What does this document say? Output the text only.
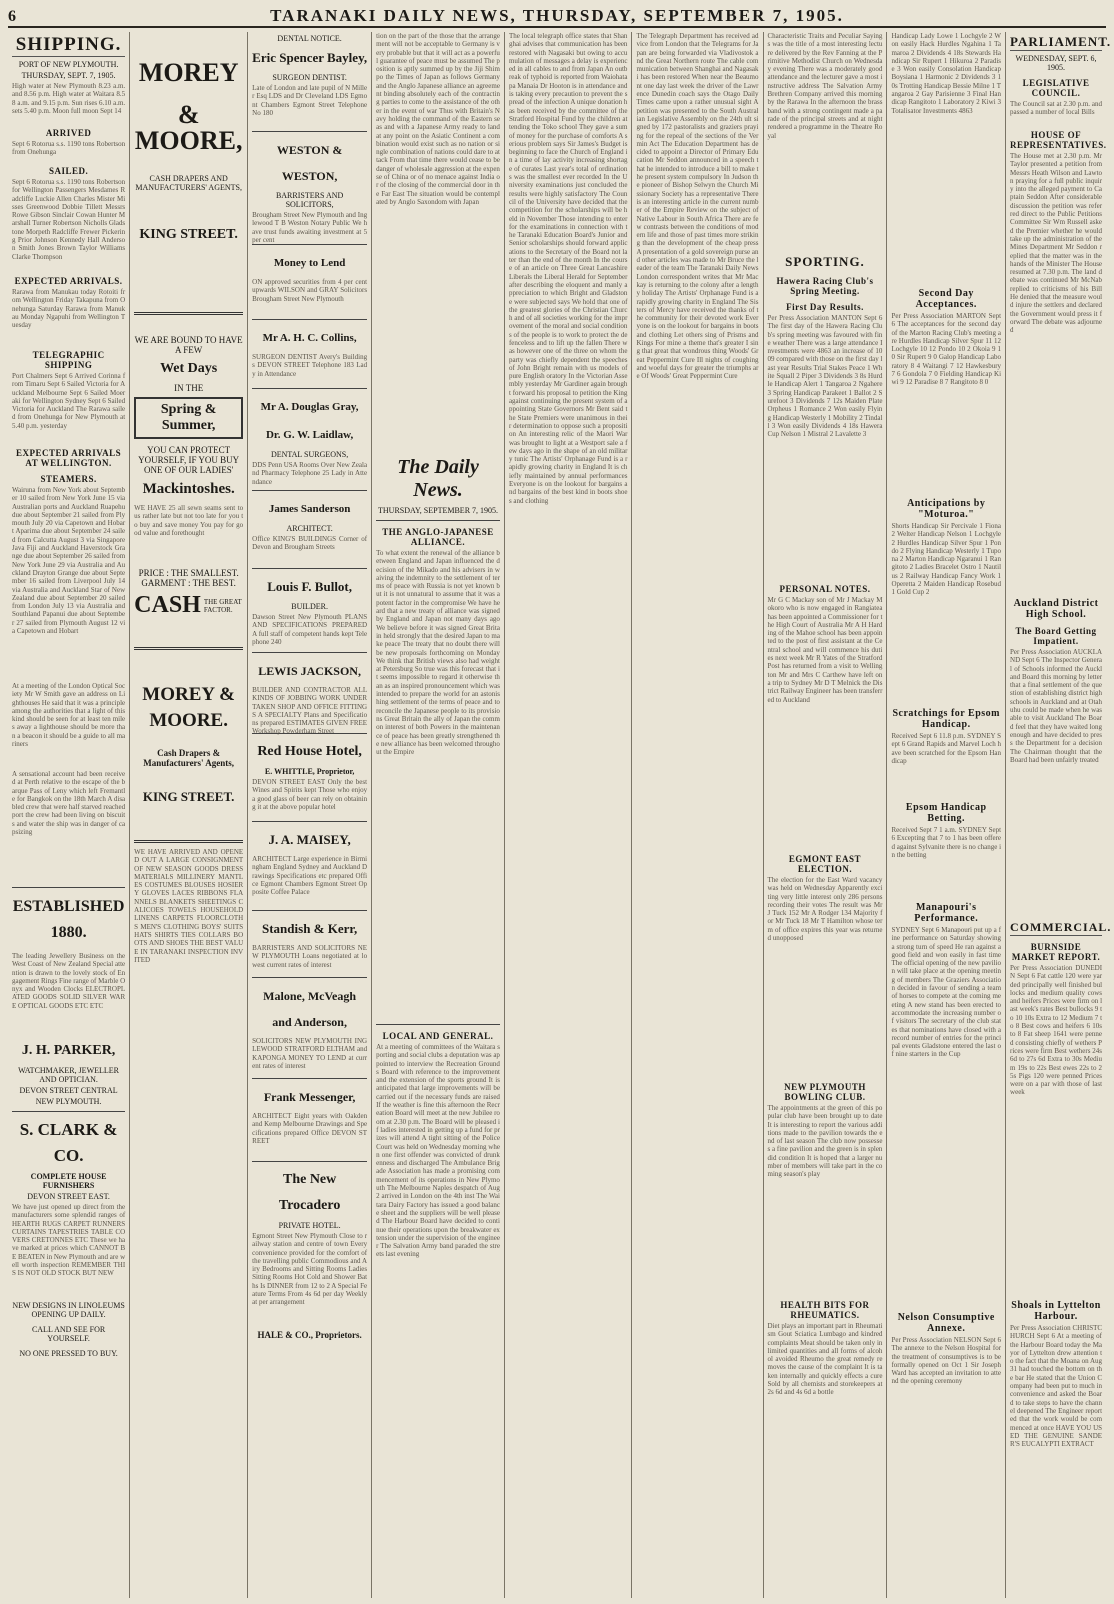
6	TARANAKI DAILY NEWS, THURSDAY, SEPTEMBER 7, 1905.
SHIPPING.
PORT OF NEW PLYMOUTH.
THURSDAY, SEPT. 7, 1905.
High water at New Plymouth 8.23 a.m. and 8.56 p.m. High water at Waitara 8.58 a.m. and 9.15 p.m. Sun rises 6.10 a.m. sets 5.40 p.m. Moon full moon Sept 14
ARRIVED
Sept 6 Rotorua s.s. 1190 tons Robertson from Onehunga
SAILED.
Sept 6 Rotorua s.s. 1190 tons Robertson for Wellington Passengers Mesdames Radcliffe Luckie Allen Charles Mister Misses Greenwood Dobbie Tillett Messrs Rowe Gibson Sinclair Cowan Hunter Marshall Turner Robertson Nicholls Gladstone Morpeth Radcliffe Frewer Pickering Prior Johnson Kennedy Hall Anderson Smith Jones Brown Taylor Williams Clarke Thompson
EXPECTED ARRIVALS.
Rarawa from Manukau today Rotoiti from Wellington Friday Takapuna from Onehunga Saturday Rarawa from Manukau Monday Ngapuhi from Wellington Tuesday
TELEGRAPHIC SHIPPING
Port Chalmers Sept 6 Arrived Corinna from Timaru Sept 6 Sailed Victoria for Auckland Melbourne Sept 6 Sailed Moeraki for Wellington Sydney Sept 6 Sailed Victoria for Auckland The Rarawa sailed from Onehunga for New Plymouth at 5.40 p.m. yesterday
EXPECTED ARRIVALS AT WELLINGTON.
STEAMERS.
Wairuna from New York about September 10 sailed from New York June 15 via Australian ports and Auckland Ruapehu due about September 21 sailed from Plymouth July 20 via Capetown and Hobart Aparima due about September 24 sailed from Calcutta August 3 via Singapore Java Fiji and Auckland Haverstock Grange due about September 26 sailed from New York June 29 via Australia and Auckland Drayton Grange due about September 16 sailed from Liverpool July 14 via Australia and Auckland Star of New Zealand due about September 20 sailed from London July 13 via Australia and Southland Papanui due about September 27 sailed from Plymouth August 12 via Capetown and Hobart
At a meeting of the London Optical Society Mr W Smith gave an address on Lighthouses He said that it was a principle among the authorities that a light of this kind should be seen for at least ten miles away a lighthouse should be more than a beacon it should be a guide to all mariners
A sensational account had been received at Perth relative to the escape of the barque Pass of Leny which left Fremantle for Bangkok on the 18th March A disabled crew that were half starved reached port the crew had been living on biscuits and water the ship was in danger of capsizing
ESTABLISHED 1880.
The leading Jewellery Business on the West Coast of New Zealand Special attention is drawn to the lovely stock of Engagement Rings Fine range of Marble Onyx and Wooden Clocks ELECTROPLATED GOODS SOLID SILVER WARE OPTICAL GOODS ETC ETC
J. H. PARKER,
WATCHMAKER, JEWELLER AND OPTICIAN.
DEVON STREET CENTRAL
NEW PLYMOUTH.
S. CLARK & CO.
COMPLETE HOUSE FURNISHERS
DEVON STREET EAST.
We have just opened up direct from the manufacturers some splendid ranges of HEARTH RUGS CARPET RUNNERS CURTAINS TAPESTRIES TABLE COVERS CRETONNES ETC These we have marked at prices which CANNOT BE BEATEN in New Plymouth and are well worth inspection REMEMBER THIS IS NOT OLD STOCK BUT NEW
NEW DESIGNS IN LINOLEUMS OPENING UP DAILY.
CALL AND SEE FOR YOURSELF.
NO ONE PRESSED TO BUY.
MOREY
& MOORE,
CASH DRAPERS AND MANUFACTURERS' AGENTS,
KING STREET.
WE ARE BOUND TO HAVE A FEW
Wet Days
IN THE
Spring & Summer,
YOU CAN PROTECT YOURSELF, IF YOU BUY ONE OF OUR LADIES'
Mackintoshes.
WE HAVE 25 all sewn seams sent to us rather late but not too late for you to buy and save money You pay for good value and forethought
PRICE : THE SMALLEST.
GARMENT : THE BEST.
CASH THE GREAT FACTOR.
MOREY & MOORE.
Cash Drapers & Manufacturers' Agents,
KING STREET.
WE HAVE ARRIVED AND OPENED OUT A LARGE CONSIGNMENT OF NEW SEASON GOODS DRESS MATERIALS MILLINERY MANTLES COSTUMES BLOUSES HOSIERY GLOVES LACES RIBBONS FLANNELS BLANKETS SHEETINGS CALICOES TOWELS HOUSEHOLD LINENS CARPETS FLOORCLOTHS MEN'S CLOTHING BOYS' SUITS HATS SHIRTS TIES COLLARS BOOTS AND SHOES THE BEST VALUE IN TARANAKI INSPECTION INVITED
DENTAL NOTICE.
Eric Spencer Bayley,
SURGEON DENTIST.
Late of London and late pupil of N Miller Esq LDS and Dr Cleveland LDS Egmont Chambers Egmont Street Telephone No 180
WESTON & WESTON,
BARRISTERS AND SOLICITORS,
Brougham Street New Plymouth and Inglewood T B Weston Notary Public We have trust funds awaiting investment at 5 per cent
Money to Lend
ON approved securities from 4 per cent upwards WILSON and GRAY Solicitors Brougham Street New Plymouth
Mr A. H. C. Collins,
SURGEON DENTIST Avery's Buildings DEVON STREET Telephone 183 Lady in Attendance
Mr A. Douglas Gray,
Dr. G. W. Laidlaw,
DENTAL SURGEONS,
DDS Penn USA Rooms Over New Zealand Pharmacy Telephone 25 Lady in Attendance
James Sanderson
ARCHITECT.
Office KING'S BUILDINGS Corner of Devon and Brougham Streets
Louis F. Bullot,
BUILDER.
Dawson Street New Plymouth PLANS AND SPECIFICATIONS PREPARED A full staff of competent hands kept Telephone 240
LEWIS JACKSON,
BUILDER AND CONTRACTOR ALL KINDS OF JOBBING WORK UNDERTAKEN SHOP AND OFFICE FITTINGS A SPECIALTY Plans and Specifications prepared ESTIMATES GIVEN FREE Workshop Powderham Street
Red House Hotel,
E. WHITTLE, Proprietor,
DEVON STREET EAST Only the best Wines and Spirits kept Those who enjoy a good glass of beer can rely on obtaining it at the above popular hotel
J. A. MAISEY,
ARCHITECT Large experience in Birmingham England Sydney and Auckland Drawings Specifications etc prepared Office Egmont Chambers Egmont Street Opposite Coffee Palace
Standish & Kerr,
BARRISTERS AND SOLICITORS NEW PLYMOUTH Loans negotiated at lowest current rates of interest
Malone, McVeagh and Anderson,
SOLICITORS NEW PLYMOUTH INGLEWOOD STRATFORD ELTHAM and KAPONGA MONEY TO LEND at current rates of interest
Frank Messenger,
ARCHITECT Eight years with Oakden and Kemp Melbourne Drawings and Specifications prepared Office DEVON STREET
The New Trocadero
PRIVATE HOTEL.
Egmont Street New Plymouth Close to railway station and centre of town Every convenience provided for the comfort of the travelling public Commodious and Airy Bedrooms and Sitting Rooms Ladies Sitting Rooms Hot Cold and Shower Baths Is DINNER from 12 to 2 A Special Feature Terms From 4s 6d per day Weekly at per arrangement
HALE & CO., Proprietors.
tion on the part of the those that the arrangement will not be acceptable to Germany is very probable but that it will act as a powerful guarantee of peace must be assumed The position is aptly summed up by the Jiji Shimpo the Times of Japan as follows Germany and the Anglo Japanese alliance an agreement binding absolutely each of the contracting parties to come to the assistance of the other in the event of war Thus with Britain's Navy holding the command of the Eastern seas and with a Japanese Army ready to land at any point on the Asiatic Continent a combination would exist such as no nation or single combination of nations could dare to attack From that time there would cease to be danger of wholesale aggression at the expense of China or of no menace against India or of the closing of the commercial door in the Far East The situation would be contemplated by Anglo Saxondom with Japan
The Daily News.
THURSDAY, SEPTEMBER 7, 1905.
THE ANGLO-JAPANESE ALLIANCE.
To what extent the renewal of the alliance between England and Japan influenced the decision of the Mikado and his advisers in waiving the indemnity to the settlement of terms of peace with Russia is not yet known but it is not unnatural to assume that it was a potent factor in the compromise We have heard that a new treaty of alliance was signed by England and Japan not many days ago We believe before it was signed Great Britain held strongly that the desired Japan to make peace The treaty that no doubt there will be new proposals forthcoming on Monday We think that British views also had weight at Petersburg So true was this forecast that it seems impossible to regard it otherwise than as an inspired pronouncement which was intended to prepare the world for an astonishing settlement of the terms of peace and to reconcile the Japanese people to its provisions Great Britain the ally of Japan the common interest of both Powers in the maintenance of peace has been greatly strengthened the new alliance has been welcomed throughout the Empire
LOCAL AND GENERAL.
At a meeting of committees of the Waitara sporting and social clubs a deputation was appointed to interview the Recreation Grounds Board with reference to the improvement and the extension of the sports ground It is anticipated that large improvements will be carried out if the necessary funds are raised If the weather is fine this afternoon the Recreation Board will meet at the new Jubilee room at 2.30 p.m. The Board will be pleased if ladies interested in getting up a fund for prizes will attend A tight sitting of the Police Court was held on Wednesday morning when one first offender was convicted of drunkenness and discharged The Ambulance Brigade Association has made a promising commencement of its operations in New Plymouth The Melbourne Naples despatch of Aug 2 arrived in London on the 4th inst The Waitara Dairy Factory has issued a good balance sheet and the suppliers will be well pleased The Harbour Board have decided to continue their operations upon the breakwater extension under the supervision of the engineer The Salvation Army band paraded the streets last evening
The local telegraph office states that Shanghai advises that communication has been restored with Nagasaki but owing to accumulation of messages a delay is experienced in all cables to and from Japan An outbreak of typhoid is reported from Waiohata pa Manaia Dr Hooton is in attendance and is taking every precaution to prevent the spread of the infection A unique donation has been received by the committee of the Stratford Hospital Fund by the children attending the Toko school They gave a sum of money for the purchase of comforts A serious problem says Sir James's Budget is beginning to face the Church of England in a time of lay activity increasing shortage of curates Last year's total of ordinations was the smallest ever recorded In the University examinations just concluded the results were highly satisfactory The Council of the University have decided that the competition for the scholarships will be held in November Those intending to enter for the examinations in connection with the Taranaki Education Board's Junior and Senior scholarships should forward applications to the Secretary of the Board not later than the end of the month In the course of an article on Three Great Lancashire Liberals the Liberal Herald for September after describing the eloquent and manly appreciation to which Bright and Gladstone were subjected says We hold that one of the greatest glories of the Christian Church and of all societies working for the improvement of the moral and social conditions of the people is to work to protect the defenceless and to lift up the fallen There was however one of the three on whom the party was chiefly dependent the speeches of John Bright remain with us models of pure English oratory In the Victorian Assembly yesterday Mr Gardiner again brought forward his proposal to petition the King against continuing the present system of appointing State Governors Mr Bent said the State Premiers were unanimous in their determination to oppose such a proposition An interesting relic of the Maori War was brought to light at a Westport sale a few days ago in the shape of an old military tunic The Artists' Orphanage Fund is a rapidly growing charity in England It is chiefly maintained by annual performances Everyone is on the lookout for bargains and bargains of the best kind in boots shoes and clothing
The Telegraph Department has received advice from London that the Telegrams for Japan are being forwarded via Vladivostok and the Great Northern route The cable communication between Shanghai and Nagasaki has been restored When near the Beaumont one day last week the driver of the Lawrence Dunedin coach says the Otago Daily Times came upon a rather unusual sight A petition was presented to the South Australian Legislative Assembly on the 24th ult signed by 172 pastoralists and graziers praying for the repeal of the sections of the Vermin Act The Education Department has decided to appoint a Director of Primary Education Mr Seddon announced in a speech that he intended to introduce a bill to make the present system compulsory In Judson the pioneer of Bishop Selwyn the Church Missionary Society has a representative There is an interesting article in the current number of the Empire Review on the subject of Native Labour in South Africa There are few contrasts between the conditions of modern life and those of past times more striking than the development of the cheap press A presentation of a gold sovereign purse and other articles was made to Mr Bruce the leader of the team The Taranaki Daily News London correspondent writes that Mr Mackay is returning to the colony after a lengthy holiday The Artists' Orphanage Fund is a rapidly growing charity in England The Sisters of Mercy have received the thanks of the community for their devoted work Everyone is on the lookout for bargains in boots and clothing Let others sing of Prisms and Kings For mine a theme that's greater I sing that great that wondrous thing Woods' Great Peppermint Cure Ill nights of coughing and woeful days for greater the triumphs are Of Woods' Great Peppermint Cure
Characteristic Traits and Peculiar Sayings was the title of a most interesting lecture delivered by the Rev Fanning at the Primitive Methodist Church on Wednesday evening There was a moderately good attendance and the lecturer gave a most instructive address The Salvation Army Brethren Company arrived this morning by the Rarawa In the afternoon the brass band with a strong contingent made a parade of the principal streets and at night rendered a programme in the Theatre Royal
SPORTING.
Hawera Racing Club's Spring Meeting.
First Day Results.
Per Press Association MANTON Sept 6 The first day of the Hawera Racing Club's spring meeting was favoured with fine weather There was a large attendance Investments were 4863 an increase of 1009 compared with those on the first day last year Results Trial Stakes Peace 1 White Squall 2 Piper 3 Dividends 3 8s Hurdle Handicap Alert 1 Tangaroa 2 Ngahere 3 Spring Handicap Parakeet 1 Ballot 2 Surefoot 3 Dividends 7 12s Maiden Plate Orpheus 1 Romance 2 Won easily Flying Handicap Westerly 1 Mobility 2 Tindall 3 Won easily Dividends 4 18s Hawera Cup Nelson 1 Mistral 2 Lavalette 3
PERSONAL NOTES.
Mr G C Mackay son of Mr J Mackay Mokoro who is now engaged in Rangiatea has been appointed a Commissioner for the High Court of Australia Mr A H Harding of the Mahoe school has been appointed to the post of first assistant at the Central school and will commence his duties next week Mr R Yates of the Stratford Post has returned from a visit to Wellington Mr and Mrs C Carthew have left on a trip to Sydney Mr D T Melnick the District Railway Engineer has been transferred to Auckland
EGMONT EAST ELECTION.
The election for the East Ward vacancy was held on Wednesday Apparently exciting very little interest only 286 persons recording their votes The result was Mr J Tuck 152 Mr A Rodger 134 Majority for Mr Tuck 18 Mr T Hamilton whose term of office expires this year was returned unopposed
NEW PLYMOUTH BOWLING CLUB.
The appointments at the green of this popular club have been brought up to date It is interesting to report the various additions made to the pavilion towards the end of last season The club now possesses a fine pavilion and the green is in splendid condition It is hoped that a larger number of members will take part in the coming season's play
HEALTH BITS FOR RHEUMATICS.
Diet plays an important part in Rheumatism Gout Sciatica Lumbago and kindred complaints Meat should be taken only in limited quantities and all forms of alcohol avoided Rheumo the great remedy removes the cause of the complaint It is taken internally and quickly effects a cure Sold by all chemists and storekeepers at 2s 6d and 4s 6d a bottle
Handicap Lady Lowe 1 Lochgyle 2 Won easily Hack Hurdles Ngahina 1 Tamaroa 2 Dividends 4 18s Stewards Handicap Sir Rupert 1 Hikuroa 2 Paradise 3 Won easily Consolation Handicap Boysiana 1 Harmonic 2 Dividends 3 10s Trotting Handicap Bessie Milne 1 Tangaroa 2 Gay Parisienne 3 Final Handicap Rangitoto 1 Laboratory 2 Kiwi 3 Totalisator Investments 4863
Second Day Acceptances.
Per Press Association MARTON Sept 6 The acceptances for the second day of the Marton Racing Club's meeting are Hurdles Handicap Silver Spur 11 12 Lochgyle 10 12 Pondo 10 2 Okoia 9 10 Sir Rupert 9 0 Galop Handicap Laboratory 8 4 Waitangi 7 12 Hawkesbury 7 6 Gondola 7 0 Fielding Handicap Kiwi 9 12 Paradise 8 7 Rangitoto 8 0
Anticipations by "Moturoa."
Shorts Handicap Sir Percivale 1 Fiona 2 Welter Handicap Nelson 1 Lochgyle 2 Hurdles Handicap Silver Spur 1 Pondo 2 Flying Handicap Westerly 1 Tupona 2 Marton Handicap Ngaranui 1 Rangitoto 2 Ladies Bracelet Ostro 1 Nautilus 2 Railway Handicap Fancy Work 1 Operetta 2 Maiden Handicap Rosebud 1 Gold Cup 2
Scratchings for Epsom Handicap.
Received Sept 6 11.8 p.m. SYDNEY Sept 6 Grand Rapids and Marvel Loch have been scratched for the Epsom Handicap
Epsom Handicap Betting.
Received Sept 7 1 a.m. SYDNEY Sept 6 Excepting that 7 to 1 has been offered against Sylvanite there is no change in the betting
Manapouri's Performance.
SYDNEY Sept 6 Manapouri put up a fine performance on Saturday showing a strong turn of speed He ran against a good field and won easily in fast time The official opening of the new pavilion will take place at the opening meeting of members The Graziers Association decided in favour of sending a team of horses to compete at the coming meeting A new stand has been erected to accommodate the increasing number of visitors The secretary of the club states that nominations have closed with a record number of entries for the principal events Gladstone entered the last of nine starters in the Cup
Nelson Consumptive Annexe.
Per Press Association NELSON Sept 6 The annexe to the Nelson Hospital for the treatment of consumptives is to be formally opened on Oct 1 Sir Joseph Ward has accepted an invitation to attend the opening ceremony
PARLIAMENT.
WEDNESDAY, SEPT. 6, 1905.
LEGISLATIVE COUNCIL.
The Council sat at 2.30 p.m. and passed a number of local Bills
HOUSE OF REPRESENTATIVES.
The House met at 2.30 p.m. Mr Taylor presented a petition from Messrs Heath Wilson and Lawton praying for a full public inquiry into the alleged payment to Captain Seddon After considerable discussion the petition was referred direct to the Public Petitions Committee Sir Wm Russell asked the Premier whether he would take up the administration of the Mines Department Mr Seddon replied that the matter was in the hands of the Minister The House resumed at 7.30 p.m. The land debate was continued Mr McNab replied to criticisms of his Bill He denied that the measure would injure the settlers and declared the Government would press it forward The debate was adjourned
Auckland District High School.
The Board Getting Impatient.
Per Press Association AUCKLAND Sept 6 The Inspector General of Schools informed the Auckland Board this morning by letter that a final settlement of the question of establishing district high schools in Auckland and at Otahuhu could be made when he was able to visit Auckland The Board feel that they have waited long enough and have decided to press the Department for a decision The Chairman thought that the Board had been unfairly treated
COMMERCIAL.
BURNSIDE MARKET REPORT.
Per Press Association DUNEDIN Sept 6 Fat cattle 120 were yarded principally well finished bullocks and medium quality cows and heifers Prices were firm on last week's rates Best bullocks 9 to 10 10s Extra to 12 Medium 7 to 8 Best cows and heifers 6 10s to 8 Fat sheep 1641 were penned consisting chiefly of wethers Prices were firm Best wethers 24s 6d to 27s 6d Extra to 30s Medium 19s to 22s Best ewes 22s to 25s Pigs 120 were penned Prices were on a par with those of last week
Shoals in Lyttelton Harbour.
Per Press Association CHRISTCHURCH Sept 6 At a meeting of the Harbour Board today the Mayor of Lyttelton drew attention to the fact that the Moana on Aug 31 had touched the bottom on the bar He stated that the Union Company had been put to much inconvenience and asked the Board to take steps to have the channel deepened The Engineer reported that the work would be commenced at once HAVE YOU USED THE GENUINE SANDER'S EUCALYPTI EXTRACT
